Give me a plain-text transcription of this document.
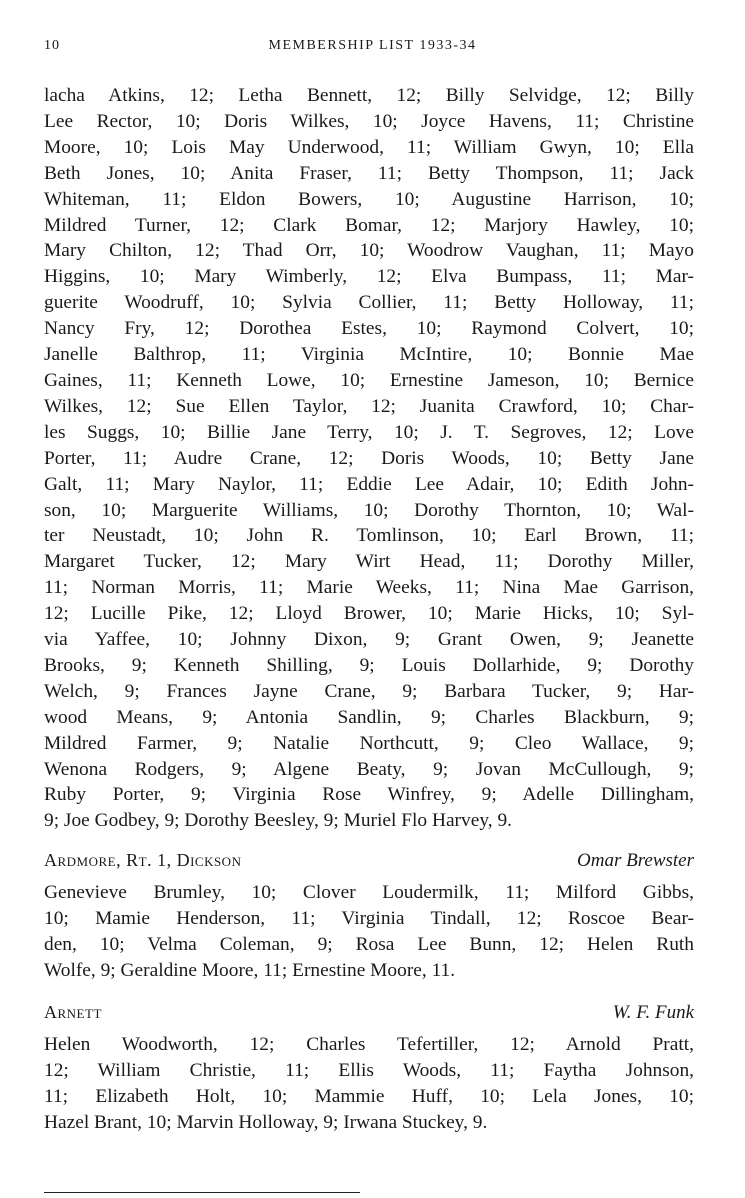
10	MEMBERSHIP LIST 1933-34
lacha Atkins, 12; Letha Bennett, 12; Billy Selvidge, 12; Billy
Lee Rector, 10; Doris Wilkes, 10; Joyce Havens, 11; Christine
Moore, 10; Lois May Underwood, 11; William Gwyn, 10; Ella
Beth Jones, 10; Anita Fraser, 11; Betty Thompson, 11; Jack
Whiteman, 11; Eldon Bowers, 10; Augustine Harrison, 10;
Mildred Turner, 12; Clark Bomar, 12; Marjory Hawley, 10;
Mary Chilton, 12; Thad Orr, 10; Woodrow Vaughan, 11; Mayo
Higgins, 10; Mary Wimberly, 12; Elva Bumpass, 11; Mar-
guerite Woodruff, 10; Sylvia Collier, 11; Betty Holloway, 11;
Nancy Fry, 12; Dorothea Estes, 10; Raymond Colvert, 10;
Janelle Balthrop, 11; Virginia McIntire, 10; Bonnie Mae
Gaines, 11; Kenneth Lowe, 10; Ernestine Jameson, 10; Bernice
Wilkes, 12; Sue Ellen Taylor, 12; Juanita Crawford, 10; Char-
les Suggs, 10; Billie Jane Terry, 10; J. T. Segroves, 12; Love
Porter, 11; Audre Crane, 12; Doris Woods, 10; Betty Jane
Galt, 11; Mary Naylor, 11; Eddie Lee Adair, 10; Edith John-
son, 10; Marguerite Williams, 10; Dorothy Thornton, 10; Wal-
ter Neustadt, 10; John R. Tomlinson, 10; Earl Brown, 11;
Margaret Tucker, 12; Mary Wirt Head, 11; Dorothy Miller,
11; Norman Morris, 11; Marie Weeks, 11; Nina Mae Garrison,
12; Lucille Pike, 12; Lloyd Brower, 10; Marie Hicks, 10; Syl-
via Yaffee, 10; Johnny Dixon, 9; Grant Owen, 9; Jeanette
Brooks, 9; Kenneth Shilling, 9; Louis Dollarhide, 9; Dorothy
Welch, 9; Frances Jayne Crane, 9; Barbara Tucker, 9; Har-
wood Means, 9; Antonia Sandlin, 9; Charles Blackburn, 9;
Mildred Farmer, 9; Natalie Northcutt, 9; Cleo Wallace, 9;
Wenona Rodgers, 9; Algene Beaty, 9; Jovan McCullough, 9;
Ruby Porter, 9; Virginia Rose Winfrey, 9; Adelle Dillingham,
9; Joe Godbey, 9; Dorothy Beesley, 9; Muriel Flo Harvey, 9.
Ardmore, Rt. 1, Dickson	Omar Brewster
Genevieve Brumley, 10; Clover Loudermilk, 11; Milford Gibbs,
10; Mamie Henderson, 11; Virginia Tindall, 12; Roscoe Bear-
den, 10; Velma Coleman, 9; Rosa Lee Bunn, 12; Helen Ruth
Wolfe, 9; Geraldine Moore, 11; Ernestine Moore, 11.
Arnett	W. F. Funk
Helen Woodworth, 12; Charles Tefertiller, 12; Arnold Pratt,
12; William Christie, 11; Ellis Woods, 11; Faytha Johnson,
11; Elizabeth Holt, 10; Mammie Huff, 10; Lela Jones, 10;
Hazel Brant, 10; Marvin Holloway, 9; Irwana Stuckey, 9.
